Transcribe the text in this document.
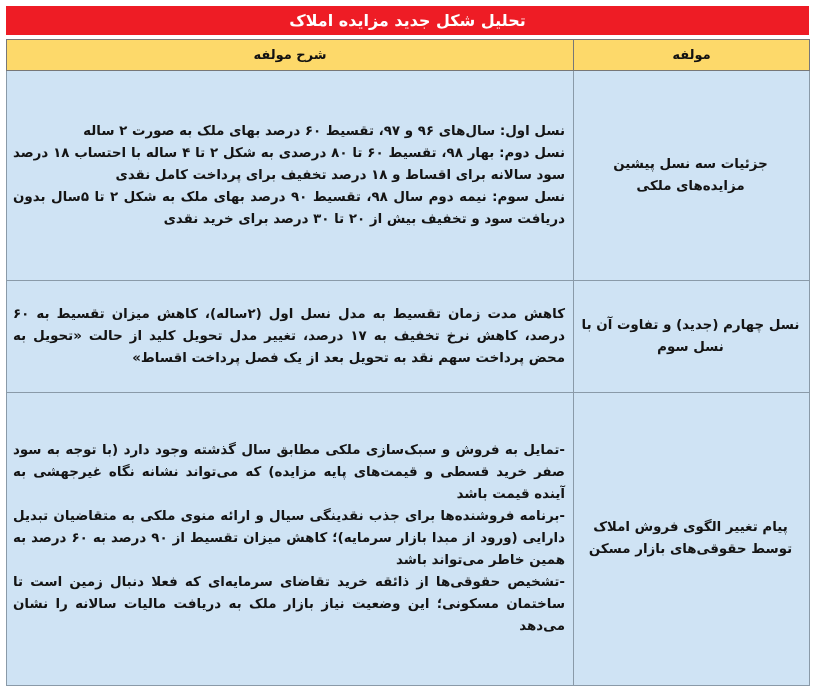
تحلیل شکل جدید مزایده املاک
مولفه	شرح مولفه
جزئیات سه نسل پیشین مزایده‌های ملکی	نسل اول: سال‌های ۹۶ و ۹۷، تقسیط ۶۰ درصد بهای ملک به صورت ۲ ساله

نسل دوم: بهار ۹۸، تقسیط ۶۰ تا ۸۰ درصدی به شکل ۲ تا ۴ ساله با احتساب ۱۸ درصد سود سالانه برای اقساط و ۱۸ درصد تخفیف برای پرداخت کامل نقدی

نسل سوم: نیمه دوم سال ۹۸، تقسیط ۹۰ درصد بهای ملک به شکل ۲ تا ۵سال بدون دریافت سود و تخفیف بیش از ۲۰ تا ۳۰ درصد برای خرید نقدی

نسل چهارم (جدید) و تفاوت آن با نسل سوم	کاهش مدت زمان تقسیط به مدل نسل اول (۲ساله)، کاهش میزان تقسیط به ۶۰ درصد، کاهش نرخ تخفیف به ۱۷ درصد، تغییر مدل تحویل کلید از حالت «تحویل به محض پرداخت سهم نقد به تحویل بعد از یک فصل پرداخت اقساط»

پیام تغییر الگوی فروش املاک توسط حقوقی‌های بازار مسکن	-تمایل به فروش و سبک‌سازی ملکی مطابق سال گذشته وجود دارد (با توجه به سود صفر خرید قسطی و قیمت‌های پایه مزایده) که می‌تواند نشانه نگاه غیرجهشی به آینده قیمت باشد

-برنامه فروشنده‌ها برای جذب نقدینگی سیال و ارائه منوی ملکی به متقاضیان تبدیل دارایی (ورود از مبدا بازار سرمایه)؛ کاهش میزان تقسیط از ۹۰ درصد به ۶۰ درصد به همین خاطر می‌تواند باشد

-تشخیص حقوقی‌ها از ذائقه خرید تقاضای سرمایه‌ای که فعلا دنبال زمین است تا ساختمان مسکونی؛ این وضعیت نیاز بازار ملک به دریافت مالیات سالانه را نشان می‌دهد
